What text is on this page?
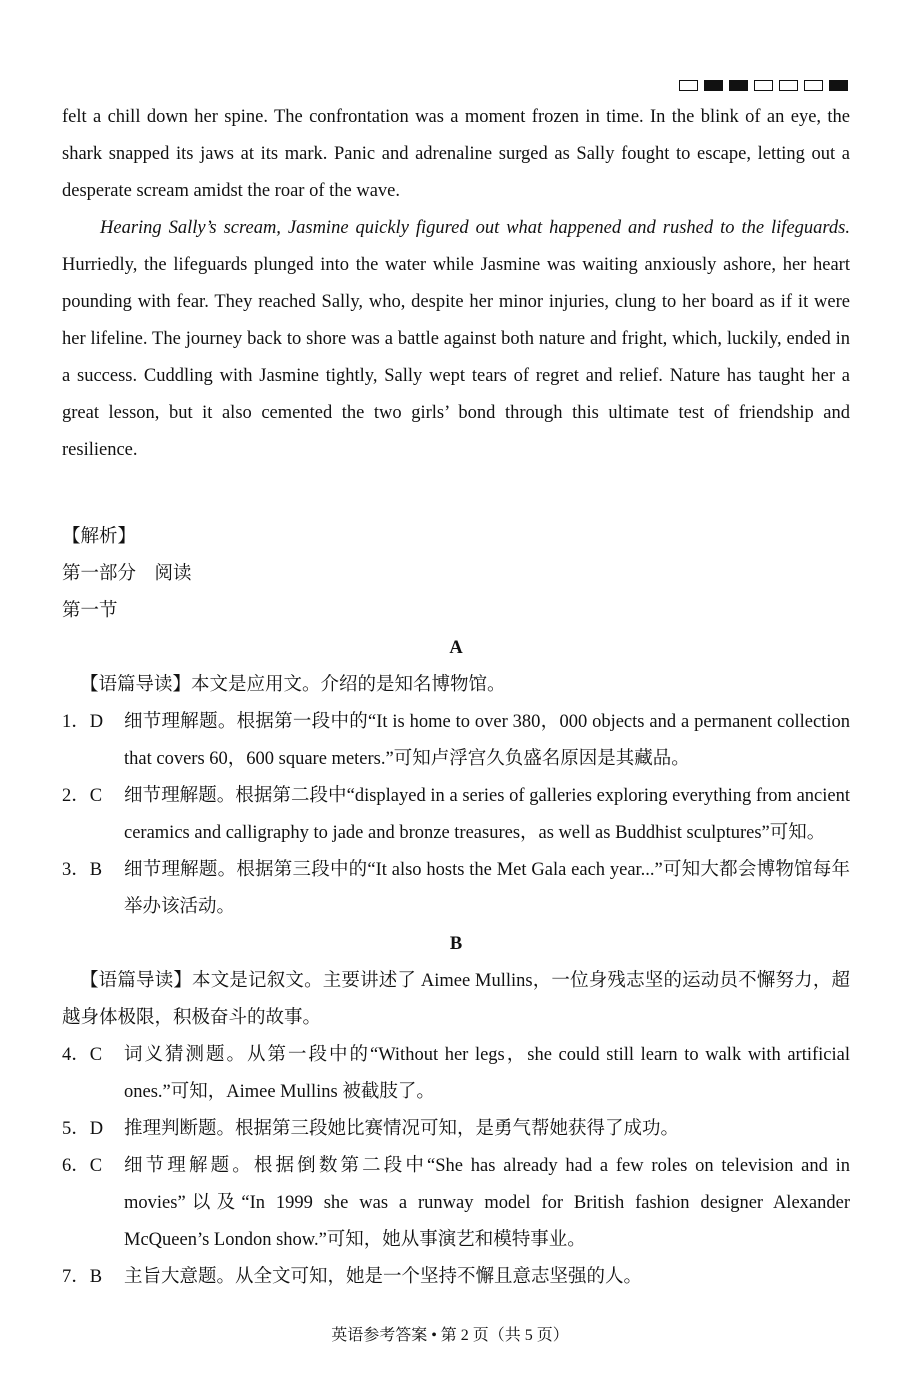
felt a chill down her spine. The confrontation was a moment frozen in time. In the blink of an eye, the shark snapped its jaws at its mark. Panic and adrenaline surged as Sally fought to escape, letting out a desperate scream amidst the roar of the wave.

Hearing Sally’s scream, Jasmine quickly figured out what happened and rushed to the lifeguards. Hurriedly, the lifeguards plunged into the water while Jasmine was waiting anxiously ashore, her heart pounding with fear. They reached Sally, who, despite her minor injuries, clung to her board as if it were her lifeline. The journey back to shore was a battle against both nature and fright, which, luckily, ended in a success. Cuddling with Jasmine tightly, Sally wept tears of regret and relief. Nature has taught her a great lesson, but it also cemented the two girls’ bond through this ultimate test of friendship and resilience.

【解析】

第一部分　阅读

第一节

A

【语篇导读】本文是应用文。介绍的是知名博物馆。

1．D	细节理解题。根据第一段中的“It is home to over 380，000 objects and a permanent collection that covers 60，600 square meters.”可知卢浮宫久负盛名原因是其藏品。
2．C	细节理解题。根据第二段中“displayed in a series of galleries exploring everything from ancient ceramics and calligraphy to jade and bronze treasures，as well as Buddhist sculptures”可知。
3．B	细节理解题。根据第三段中的“It also hosts the Met Gala each year...”可知大都会博物馆每年举办该活动。

B

【语篇导读】本文是记叙文。主要讲述了 Aimee Mullins，一位身残志坚的运动员不懈努力，超越身体极限，积极奋斗的故事。

4．C	词义猜测题。从第一段中的“Without her legs，she could still learn to walk with artificial ones.”可知，Aimee Mullins 被截肢了。
5．D	推理判断题。根据第三段她比赛情况可知，是勇气帮她获得了成功。
6．C	细节理解题。根据倒数第二段中“She has already had a few roles on television and in movies”以及“In 1999 she was a runway model for British fashion designer Alexander McQueen’s London show.”可知，她从事演艺和模特事业。
7．B	主旨大意题。从全文可知，她是一个坚持不懈且意志坚强的人。
英语参考答案 • 第 2 页（共 5 页）
